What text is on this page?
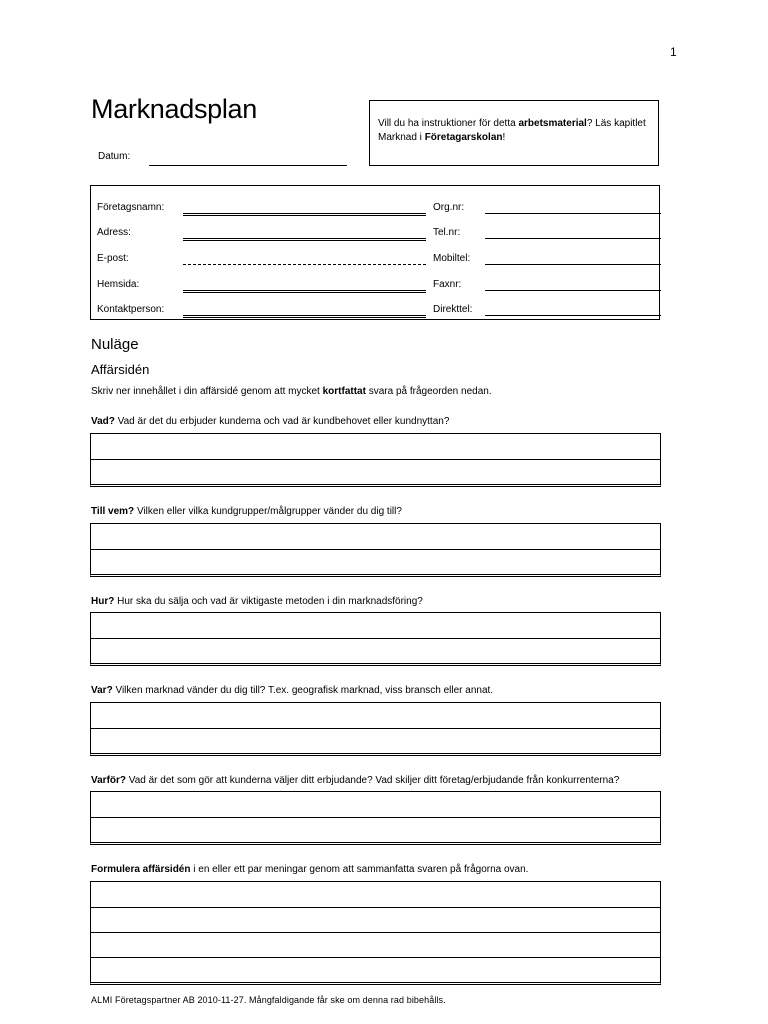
1
Marknadsplan
Datum:
Vill du ha instruktioner för detta arbetsmaterial? Läs kapitlet Marknad i Företagarskolan!
Företagsnamn:	Org.nr:
Adress:	Tel.nr:
E-post:	Mobiltel:
Hemsida:	Faxnr:
Kontaktperson:	Direkttel:
Nuläge
Affärsidén
Skriv ner innehållet i din affärsidé genom att mycket kortfattat svara på frågeorden nedan.
Vad? Vad är det du erbjuder kunderna och vad är kundbehovet eller kundnyttan?
Till vem? Vilken eller vilka kundgrupper/målgrupper vänder du dig till?
Hur? Hur ska du sälja och vad är viktigaste metoden i din marknadsföring?
Var? Vilken marknad vänder du dig till? T.ex. geografisk marknad, viss bransch eller annat.
Varför? Vad är det som gör att kunderna väljer ditt erbjudande? Vad skiljer ditt företag/erbjudande från konkurrenterna?
Formulera affärsidén i en eller ett par meningar genom att sammanfatta svaren på frågorna ovan.
ALMI Företagspartner AB 2010-11-27. Mångfaldigande får ske om denna rad bibehålls.
